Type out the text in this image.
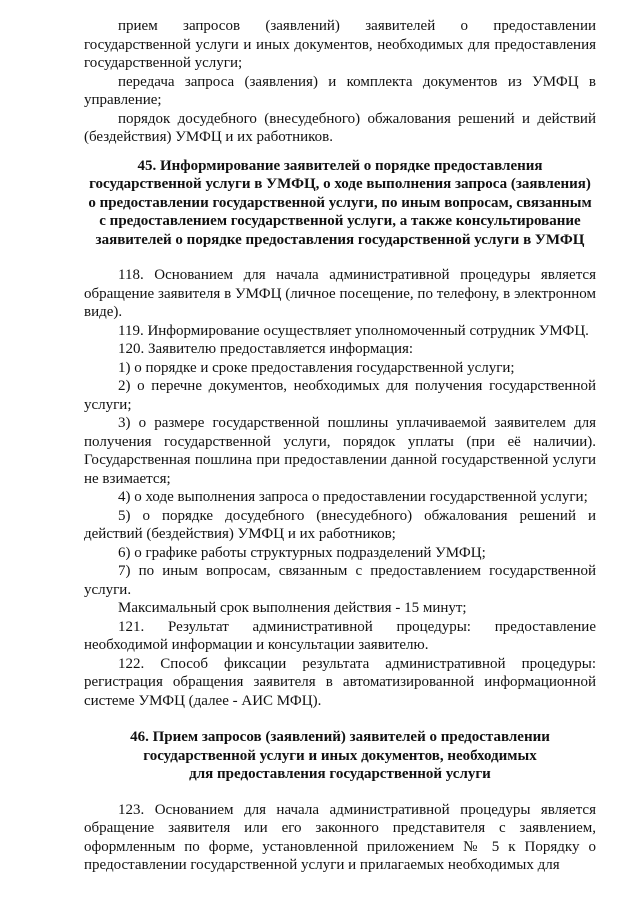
прием запросов (заявлений) заявителей о предоставлении государственной услуги и иных документов, необходимых для предоставления государственной услуги;

передача запроса (заявления) и комплекта документов из УМФЦ в управление;

порядок досудебного (внесудебного) обжалования решений и действий (бездействия) УМФЦ и их работников.

45. Информирование заявителей о порядке предоставления
государственной услуги в УМФЦ, о ходе выполнения запроса (заявления)
о предоставлении государственной услуги, по иным вопросам, связанным
с предоставлением государственной услуги, а также консультирование
заявителей о порядке предоставления государственной услуги в УМФЦ

118. Основанием для начала административной процедуры является обращение заявителя в УМФЦ (личное посещение, по телефону, в электронном виде).

119. Информирование осуществляет уполномоченный сотрудник УМФЦ.

120. Заявителю предоставляется информация:

1) о порядке и сроке предоставления государственной услуги;

2) о перечне документов, необходимых для получения государственной услуги;

3) о размере государственной пошлины уплачиваемой заявителем для получения государственной услуги, порядок уплаты (при её наличии). Государственная пошлина при предоставлении данной государственной услуги не взимается;

4) о ходе выполнения запроса о предоставлении государственной услуги;

5) о порядке досудебного (внесудебного) обжалования решений и действий (бездействия) УМФЦ и их работников;

6) о графике работы структурных подразделений УМФЦ;

7) по иным вопросам, связанным с предоставлением государственной услуги.

Максимальный срок выполнения действия - 15 минут;

121. Результат административной процедуры: предоставление необходимой информации и консультации заявителю.

122. Способ фиксации результата административной процедуры: регистрация обращения заявителя в автоматизированной информационной системе УМФЦ (далее - АИС МФЦ).

46. Прием запросов (заявлений) заявителей о предоставлении
государственной услуги и иных документов, необходимых
для предоставления государственной услуги

123. Основанием для начала административной процедуры является обращение заявителя или его законного представителя с заявлением, оформленным по форме, установленной приложением № 5 к Порядку о предоставлении государственной услуги и прилагаемых необходимых для
